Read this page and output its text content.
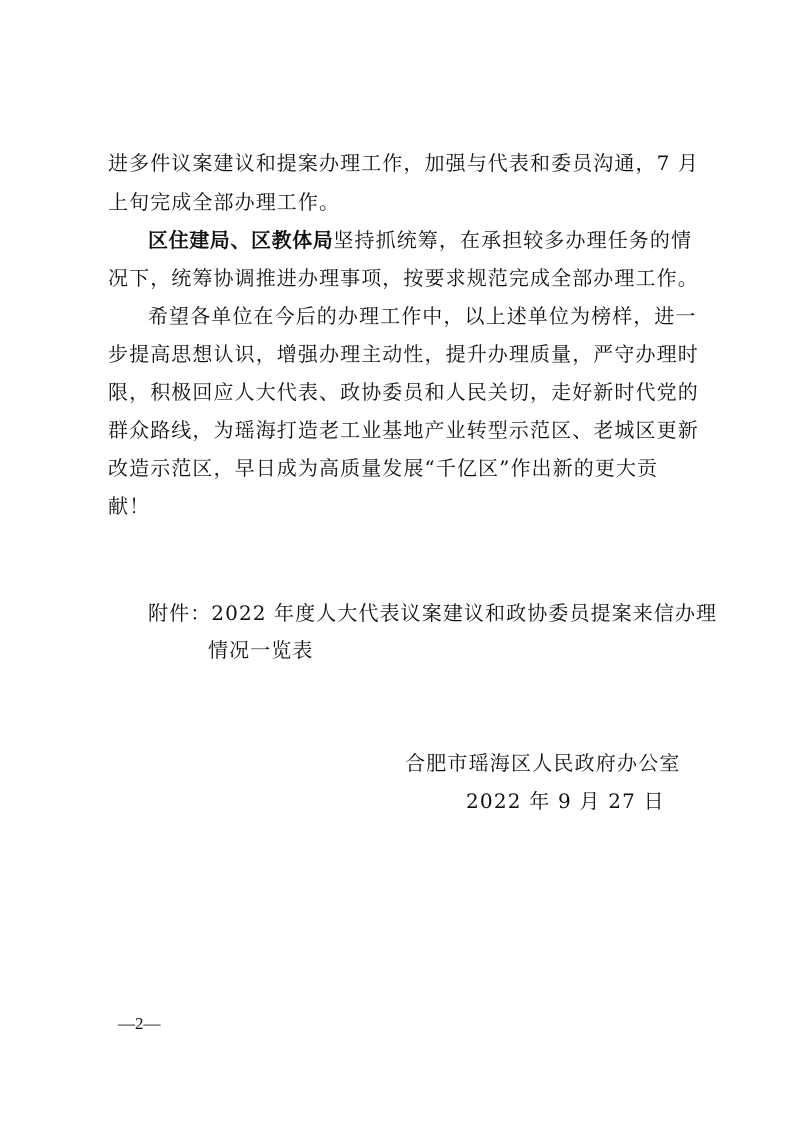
进多件议案建议和提案办理工作，加强与代表和委员沟通，7 月
上旬完成全部办理工作。
区住建局、区教体局坚持抓统筹，在承担较多办理任务的情
况下，统筹协调推进办理事项，按要求规范完成全部办理工作。
希望各单位在今后的办理工作中，以上述单位为榜样，进一
步提高思想认识，增强办理主动性，提升办理质量，严守办理时
限，积极回应人大代表、政协委员和人民关切，走好新时代党的
群众路线，为瑶海打造老工业基地产业转型示范区、老城区更新
改造示范区，早日成为高质量发展“千亿区”作出新的更大贡
献！
附件：2022 年度人大代表议案建议和政协委员提案来信办理
情况一览表
合肥市瑶海区人民政府办公室
2022 年 9 月 27 日
—2—
